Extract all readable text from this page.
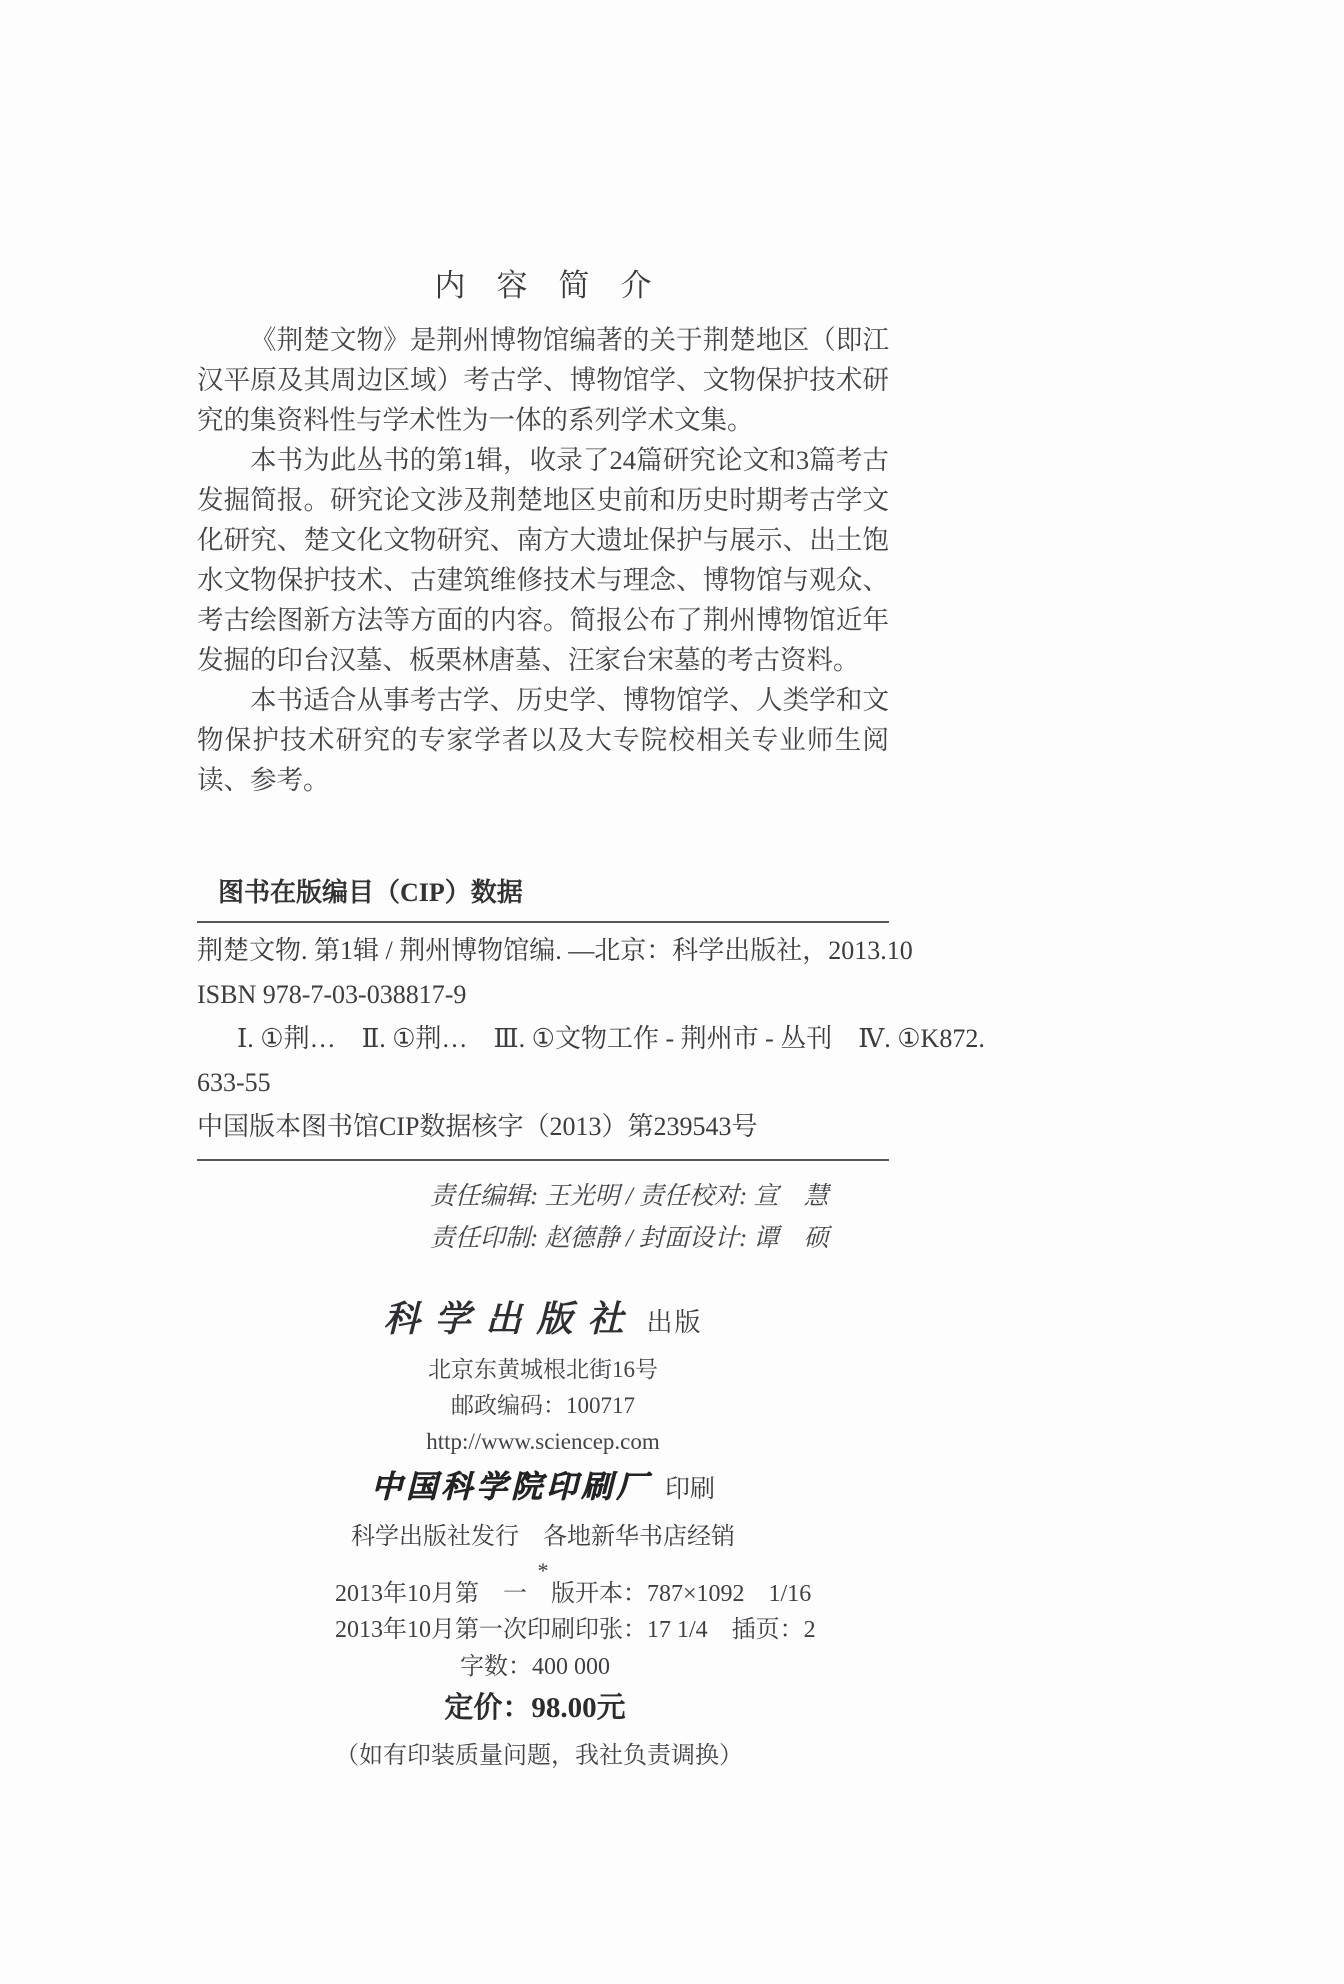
内　容　简　介

《荆楚文物》是荆州博物馆编著的关于荆楚地区（即江汉平原及其周边区域）考古学、博物馆学、文物保护技术研究的集资料性与学术性为一体的系列学术文集。

本书为此丛书的第1辑，收录了24篇研究论文和3篇考古发掘简报。研究论文涉及荆楚地区史前和历史时期考古学文化研究、楚文化文物研究、南方大遗址保护与展示、出土饱水文物保护技术、古建筑维修技术与理念、博物馆与观众、考古绘图新方法等方面的内容。简报公布了荆州博物馆近年发掘的印台汉墓、板栗林唐墓、汪家台宋墓的考古资料。

本书适合从事考古学、历史学、博物馆学、人类学和文物保护技术研究的专家学者以及大专院校相关专业师生阅读、参考。

图书在版编目（CIP）数据
荆楚文物. 第1辑 / 荆州博物馆编. —北京：科学出版社，2013.10
ISBN 978-7-03-038817-9
Ⅰ. ①荆…　Ⅱ. ①荆…　Ⅲ. ①文物工作 - 荆州市 - 丛刊　Ⅳ. ①K872.
633-55
中国版本图书馆CIP数据核字（2013）第239543号
责任编辑: 王光明 / 责任校对: 宣　慧
责任印制: 赵德静 / 封面设计: 谭　硕
科学出版社 出版
北京东黄城根北街16号
邮政编码：100717
http://www.sciencep.com
中国科学院印刷厂 印刷
科学出版社发行　各地新华书店经销
*
2013年10月第　一　版 开本：787×1092　1/16
2013年10月第一次印刷 印张：17 1/4　插页：2
字数：400 000
定价：98.00元
（如有印装质量问题，我社负责调换）
